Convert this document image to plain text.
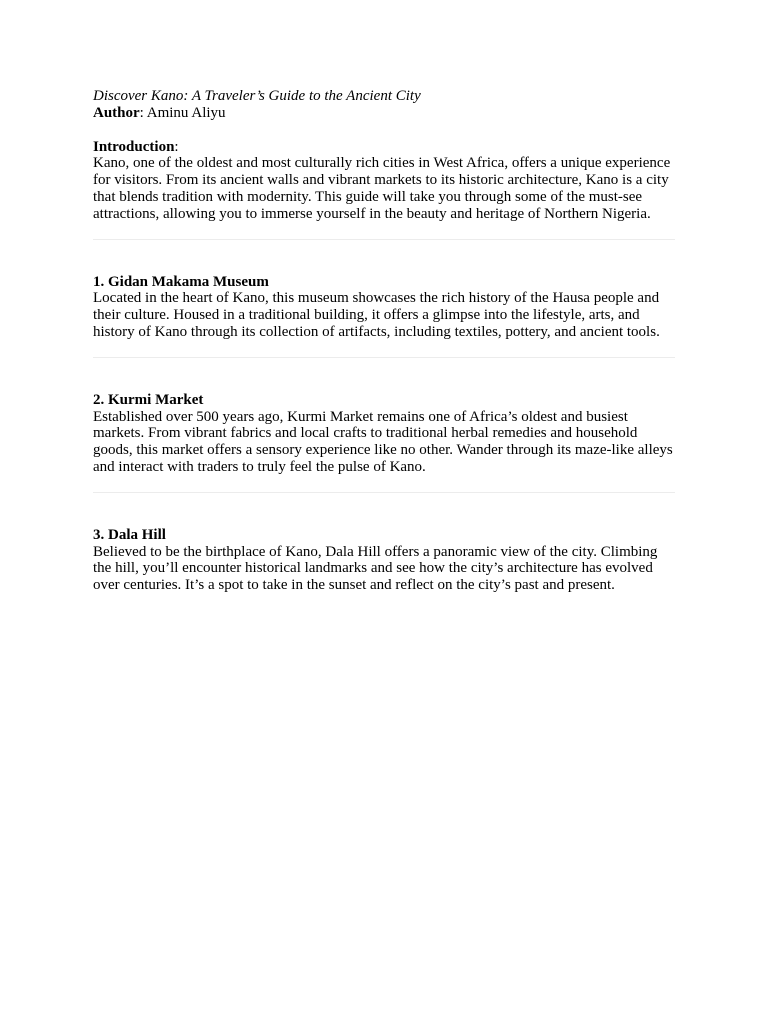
Discover Kano: A Traveler’s Guide to the Ancient City

Author: Aminu Aliyu

Introduction:

Kano, one of the oldest and most culturally rich cities in West Africa, offers a unique experience for visitors. From its ancient walls and vibrant markets to its historic architecture, Kano is a city that blends tradition with modernity. This guide will take you through some of the must-see attractions, allowing you to immerse yourself in the beauty and heritage of Northern Nigeria.

1. Gidan Makama Museum

Located in the heart of Kano, this museum showcases the rich history of the Hausa people and their culture. Housed in a traditional building, it offers a glimpse into the lifestyle, arts, and history of Kano through its collection of artifacts, including textiles, pottery, and ancient tools.

2. Kurmi Market

Established over 500 years ago, Kurmi Market remains one of Africa’s oldest and busiest markets. From vibrant fabrics and local crafts to traditional herbal remedies and household goods, this market offers a sensory experience like no other. Wander through its maze-like alleys and interact with traders to truly feel the pulse of Kano.

3. Dala Hill

Believed to be the birthplace of Kano, Dala Hill offers a panoramic view of the city. Climbing the hill, you’ll encounter historical landmarks and see how the city’s architecture has evolved over centuries. It’s a spot to take in the sunset and reflect on the city’s past and present.
